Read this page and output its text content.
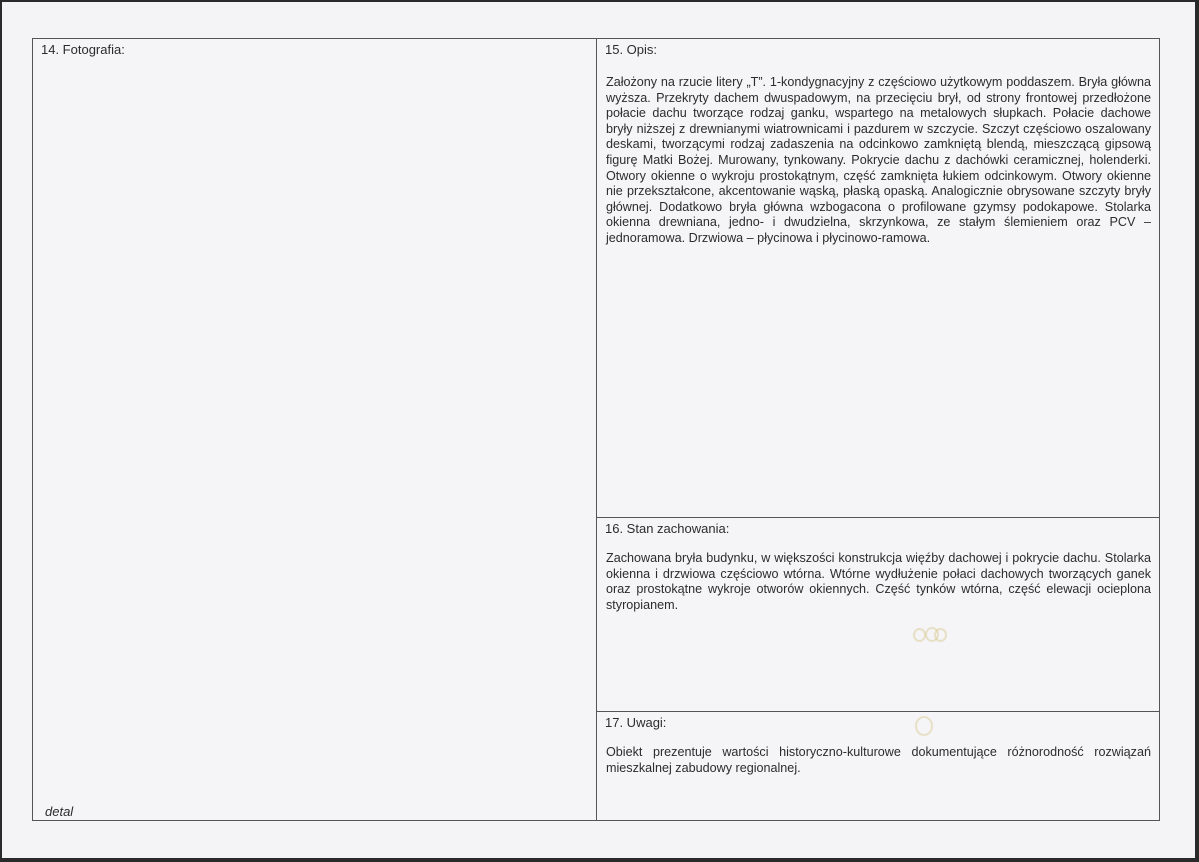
14. Fotografia:
detal
15. Opis:
Założony na rzucie litery „T”. 1-kondygnacyjny z częściowo użytkowym poddaszem. Bryła główna wyższa. Przekryty dachem dwuspadowym, na przecięciu brył, od strony frontowej przedłożone połacie dachu tworzące rodzaj ganku, wspartego na metalowych słupkach. Połacie dachowe bryły niższej z drewnianymi wiatrownicami i pazdurem w szczycie. Szczyt częściowo oszalowany deskami, tworzącymi rodzaj zadaszenia na odcinkowo zamkniętą blendą, mieszczącą gipsową figurę Matki Bożej. Murowany, tynkowany. Pokrycie dachu z dachówki ceramicznej, holenderki. Otwory okienne o wykroju prostokątnym, część zamknięta łukiem odcinkowym. Otwory okienne nie przekształcone, akcentowanie wąską, płaską opaską. Analogicznie obrysowane szczyty bryły głównej. Dodatkowo bryła główna wzbogacona o profilowane gzymsy podokapowe. Stolarka okienna drewniana, jedno- i dwudzielna, skrzynkowa, ze stałym ślemieniem oraz PCV – jednoramowa. Drzwiowa – płycinowa i płycinowo-ramowa.
16. Stan zachowania:
Zachowana bryła budynku, w większości konstrukcja więźby dachowej i pokrycie dachu. Stolarka okienna i drzwiowa częściowo wtórna. Wtórne wydłużenie połaci dachowych tworzących ganek oraz prostokątne wykroje otworów okiennych. Część tynków wtórna, część elewacji ocieplona styropianem.
17. Uwagi:
Obiekt prezentuje wartości historyczno-kulturowe dokumentujące różnorodność rozwiązań mieszkalnej zabudowy regionalnej.
